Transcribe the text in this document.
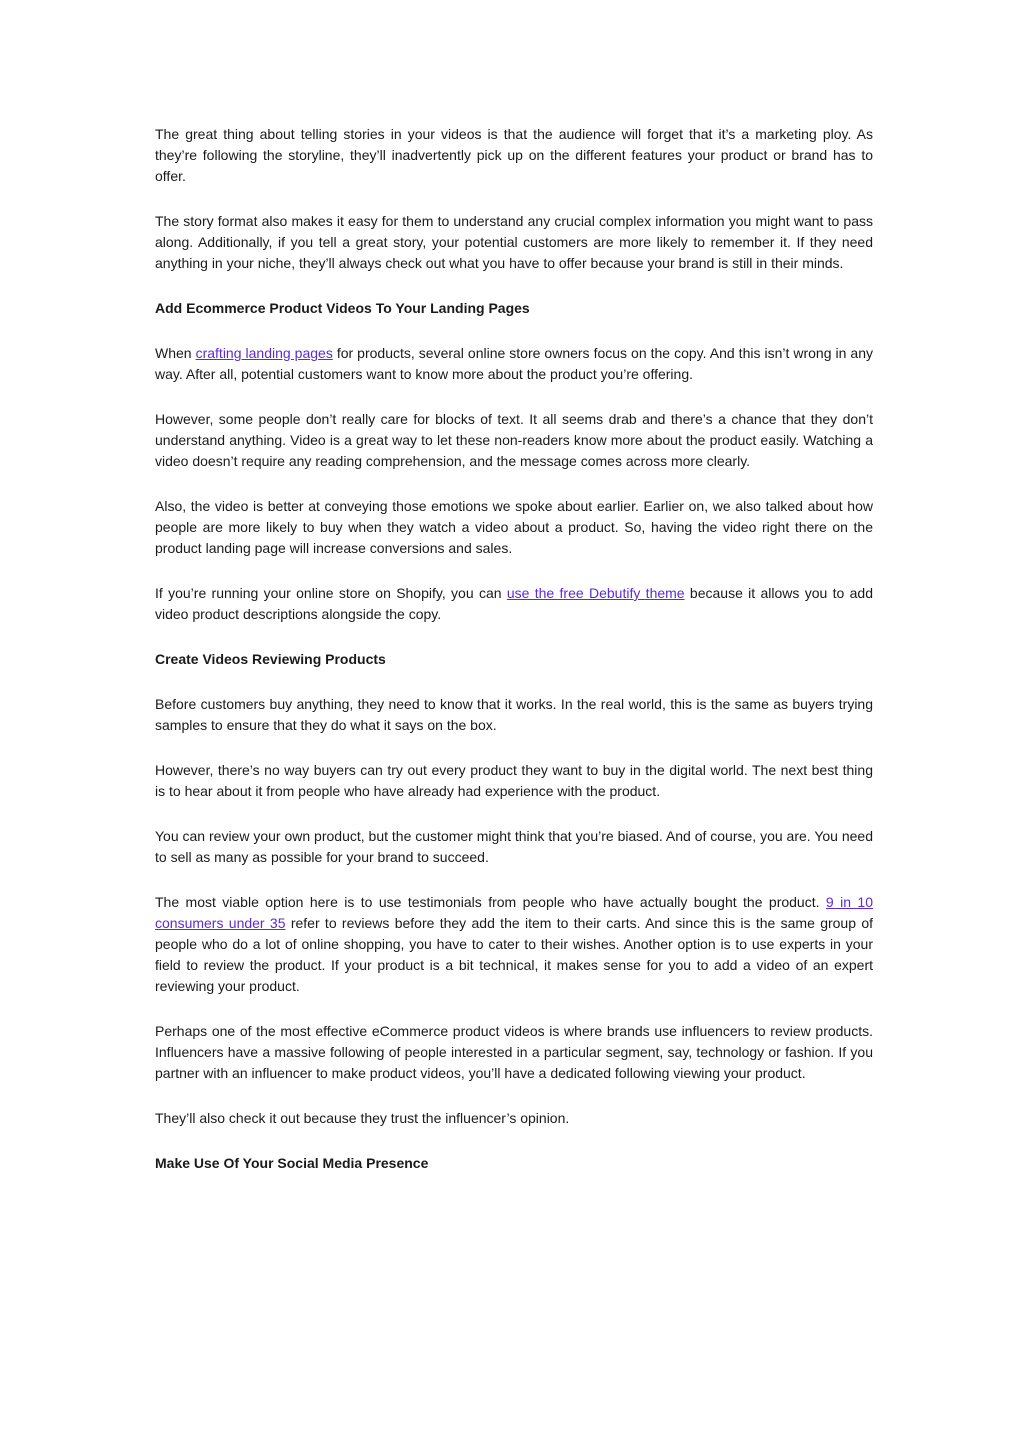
The great thing about telling stories in your videos is that the audience will forget that it’s a marketing ploy. As they’re following the storyline, they’ll inadvertently pick up on the different features your product or brand has to offer.

The story format also makes it easy for them to understand any crucial complex information you might want to pass along. Additionally, if you tell a great story, your potential customers are more likely to remember it. If they need anything in your niche, they’ll always check out what you have to offer because your brand is still in their minds.

Add Ecommerce Product Videos To Your Landing Pages

When crafting landing pages for products, several online store owners focus on the copy. And this isn’t wrong in any way. After all, potential customers want to know more about the product you’re offering.

However, some people don’t really care for blocks of text. It all seems drab and there’s a chance that they don’t understand anything. Video is a great way to let these non-readers know more about the product easily. Watching a video doesn’t require any reading comprehension, and the message comes across more clearly.

Also, the video is better at conveying those emotions we spoke about earlier. Earlier on, we also talked about how people are more likely to buy when they watch a video about a product. So, having the video right there on the product landing page will increase conversions and sales.

If you’re running your online store on Shopify, you can use the free Debutify theme because it allows you to add video product descriptions alongside the copy.

Create Videos Reviewing Products

Before customers buy anything, they need to know that it works. In the real world, this is the same as buyers trying samples to ensure that they do what it says on the box.

However, there’s no way buyers can try out every product they want to buy in the digital world. The next best thing is to hear about it from people who have already had experience with the product.

You can review your own product, but the customer might think that you’re biased. And of course, you are. You need to sell as many as possible for your brand to succeed.

The most viable option here is to use testimonials from people who have actually bought the product. 9 in 10 consumers under 35 refer to reviews before they add the item to their carts. And since this is the same group of people who do a lot of online shopping, you have to cater to their wishes. Another option is to use experts in your field to review the product. If your product is a bit technical, it makes sense for you to add a video of an expert reviewing your product.

Perhaps one of the most effective eCommerce product videos is where brands use influencers to review products. Influencers have a massive following of people interested in a particular segment, say, technology or fashion. If you partner with an influencer to make product videos, you’ll have a dedicated following viewing your product.

They’ll also check it out because they trust the influencer’s opinion.

Make Use Of Your Social Media Presence
